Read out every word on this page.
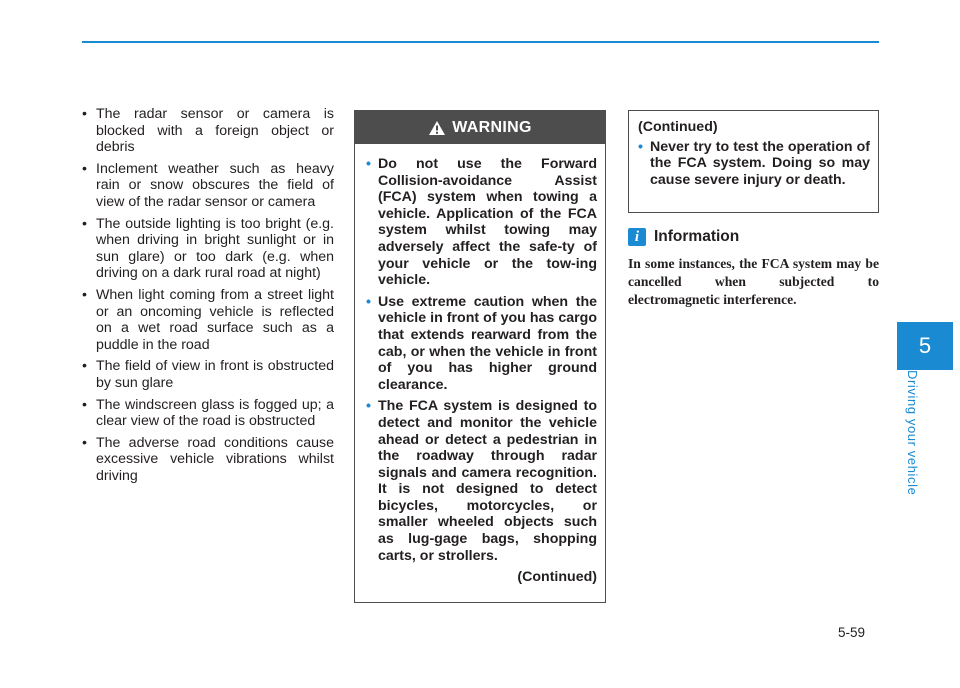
• The radar sensor or camera is blocked with a foreign object or debris
• Inclement weather such as heavy rain or snow obscures the field of view of the radar sensor or camera
• The outside lighting is too bright (e.g. when driving in bright sunlight or in sun glare) or too dark (e.g. when driving on a dark rural road at night)
• When light coming from a street light or an oncoming vehicle is reflected on a wet road surface such as a puddle in the road
• The field of view in front is obstructed by sun glare
• The windscreen glass is fogged up; a clear view of the road is obstructed
• The adverse road conditions cause excessive vehicle vibrations whilst driving
WARNING
• Do not use the Forward Collision-avoidance Assist (FCA) system when towing a vehicle. Application of the FCA system whilst towing may adversely affect the safe-ty of your vehicle or the tow-ing vehicle.
• Use extreme caution when the vehicle in front of you has cargo that extends rearward from the cab, or when the vehicle in front of you has higher ground clearance.
• The FCA system is designed to detect and monitor the vehicle ahead or detect a pedestrian in the roadway through radar signals and camera recognition. It is not designed to detect bicycles, motorcycles, or smaller wheeled objects such as lug-gage bags, shopping carts, or strollers.
(Continued)
(Continued)
• Never try to test the operation of the FCA system. Doing so may cause severe injury or death.
i Information
In some instances, the FCA system may be cancelled when subjected to electromagnetic interference.
5
Driving your vehicle
5-59
